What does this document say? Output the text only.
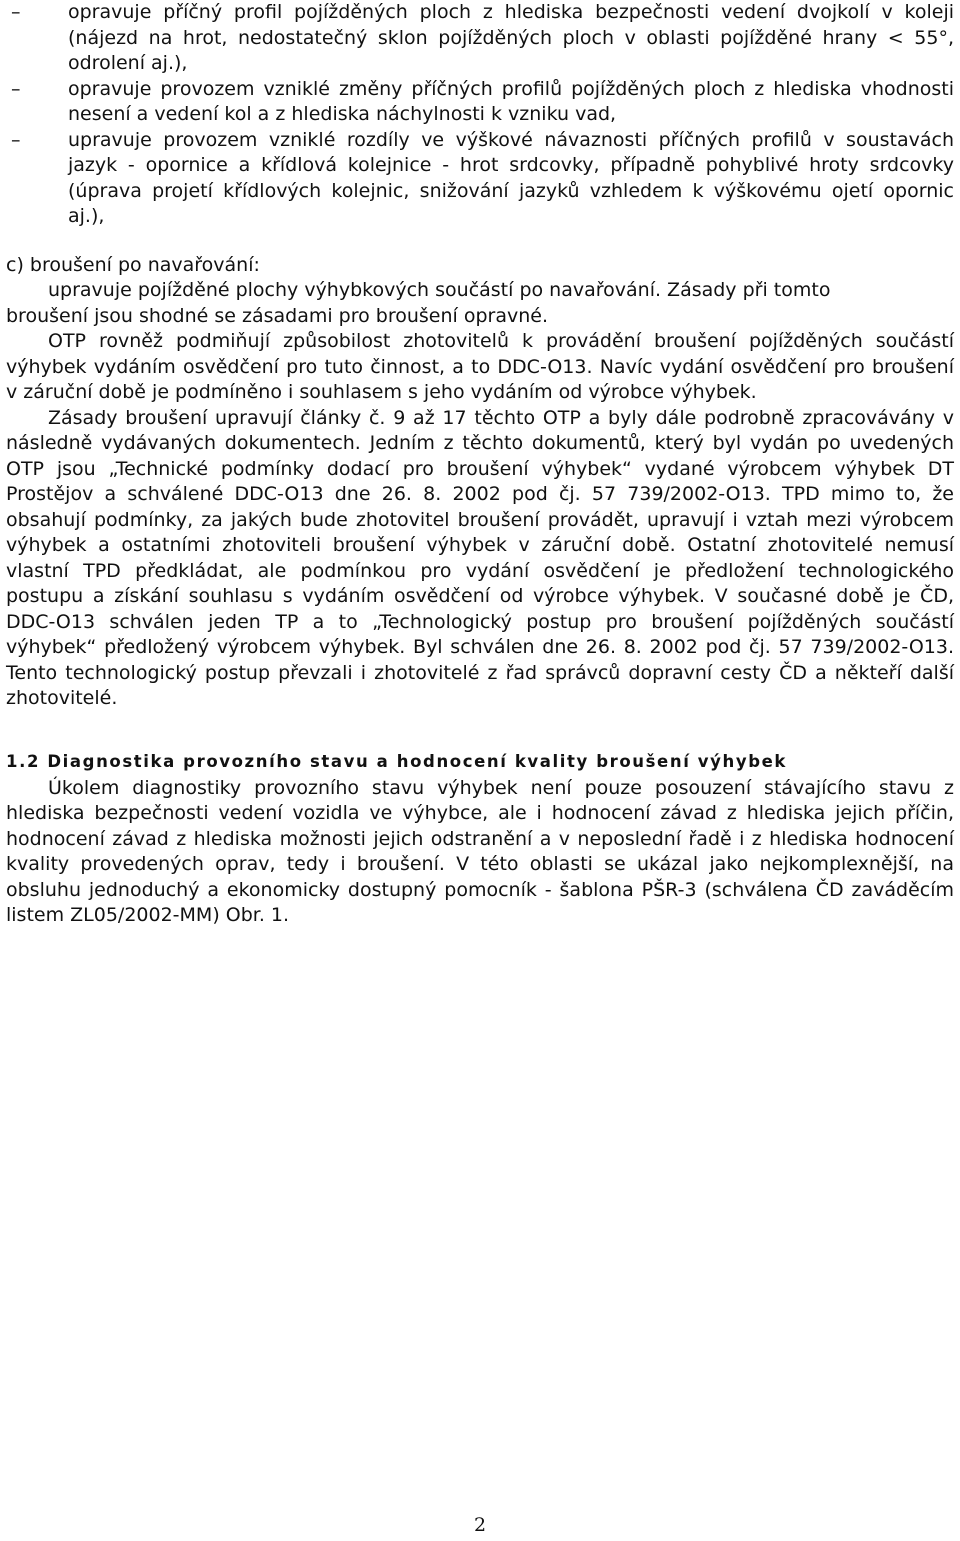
–	opravuje příčný profil pojížděných ploch z hlediska bezpečnosti vedení dvojkolí v koleji (nájezd na hrot, nedostatečný sklon pojížděných ploch v oblasti pojížděné hrany < 55°, odrolení aj.),
–	opravuje provozem vzniklé změny příčných profilů pojížděných ploch z hlediska vhodnosti nesení a vedení kol a z hlediska náchylnosti k vzniku vad,
–	upravuje provozem vzniklé rozdíly ve výškové návaznosti příčných profilů v soustavách jazyk - opornice a křídlová kolejnice - hrot srdcovky, případně pohyblivé hroty srdcovky (úprava projetí křídlových kolejnic, snižování jazyků vzhledem k výškovému ojetí opornic aj.),

c) broušení po navařování:

upravuje pojížděné plochy výhybkových součástí po navařování. Zásady při tomto

broušení jsou shodné se zásadami pro broušení opravné.

OTP rovněž podmiňují způsobilost zhotovitelů k provádění broušení pojížděných součástí výhybek vydáním osvědčení pro tuto činnost, a to DDC-O13. Navíc vydání osvědčení pro broušení v záruční době je podmíněno i souhlasem s jeho vydáním od výrobce výhybek.

Zásady broušení upravují články č. 9 až 17 těchto OTP a byly dále podrobně zpracovávány v následně vydávaných dokumentech. Jedním z těchto dokumentů, který byl vydán po uvedených OTP jsou „Technické podmínky dodací pro broušení výhybek“ vydané výrobcem výhybek DT Prostějov a schválené DDC-O13 dne 26. 8. 2002 pod čj. 57 739/2002-O13. TPD mimo to, že obsahují podmínky, za jakých bude zhotovitel broušení provádět, upravují i vztah mezi výrobcem výhybek a ostatními zhotoviteli broušení výhybek v záruční době. Ostatní zhotovitelé nemusí vlastní TPD předkládat, ale podmínkou pro vydání osvědčení je předložení technologického postupu a získání souhlasu s vydáním osvědčení od výrobce výhybek. V současné době je ČD, DDC-O13 schválen jeden TP a to „Technologický postup pro broušení pojížděných součástí výhybek“ předložený výrobcem výhybek. Byl schválen dne 26. 8. 2002 pod čj. 57 739/2002-O13. Tento technologický postup převzali i zhotovitelé z řad správců dopravní cesty ČD a někteří další zhotovitelé.

1.2 Diagnostika provozního stavu a hodnocení kvality broušení výhybek

Úkolem diagnostiky provozního stavu výhybek není pouze posouzení stávajícího stavu z hlediska bezpečnosti vedení vozidla ve výhybce, ale i hodnocení závad z hlediska jejich příčin, hodnocení závad z hlediska možnosti jejich odstranění a v neposlední řadě i z hlediska hodnocení kvality provedených oprav, tedy i broušení. V této oblasti se ukázal jako nejkomplexnější, na obsluhu jednoduchý a ekonomicky dostupný pomocník - šablona PŠR-3 (schválena ČD zaváděcím listem ZL05/2002-MM) Obr. 1.

2
